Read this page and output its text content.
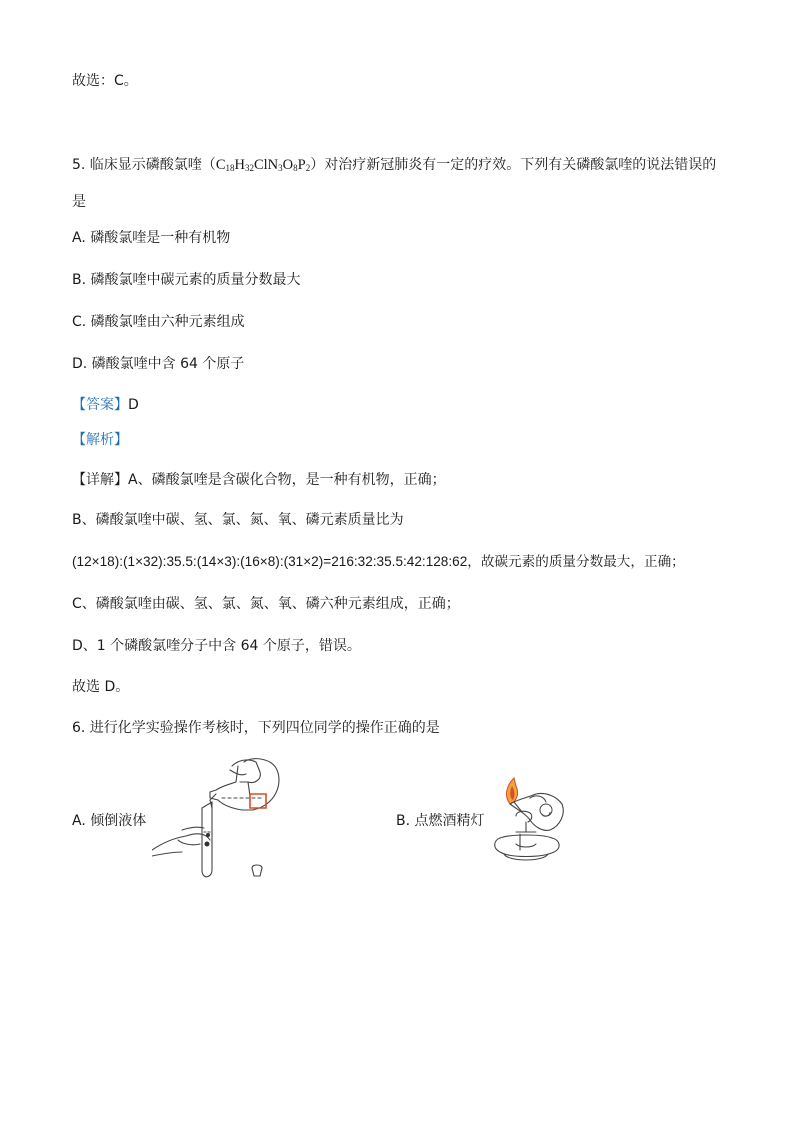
故选：C。
5. 临床显示磷酸氯喹$(C_{18}H_{32}ClN_3O_8P_2)$对治疗新冠肺炎有一定的疗效。下列有关磷酸氯喹的说法错误的
是
A. 磷酸氯喹是一种有机物
B. 磷酸氯喹中碳元素的质量分数最大
C. 磷酸氯喹由六种元素组成
D. 磷酸氯喹中含 64 个原子
【答案】D
【解析】
【详解】A、磷酸氯喹是含碳化合物，是一种有机物，正确；
B、磷酸氯喹中碳、氢、氯、氮、氧、磷元素质量比为
(12×18):(1×32):35.5:(14×3):(16×8):(31×2)=216:32:35.5:42:128:62，故碳元素的质量分数最大，正确；
C、磷酸氯喹由碳、氢、氯、氮、氧、磷六种元素组成，正确；
D、1 个磷酸氯喹分子中含 64 个原子，错误。
故选 D。
6. 进行化学实验操作考核时，下列四位同学的操作正确的是
A. 倾倒液体	B. 点燃酒精灯
